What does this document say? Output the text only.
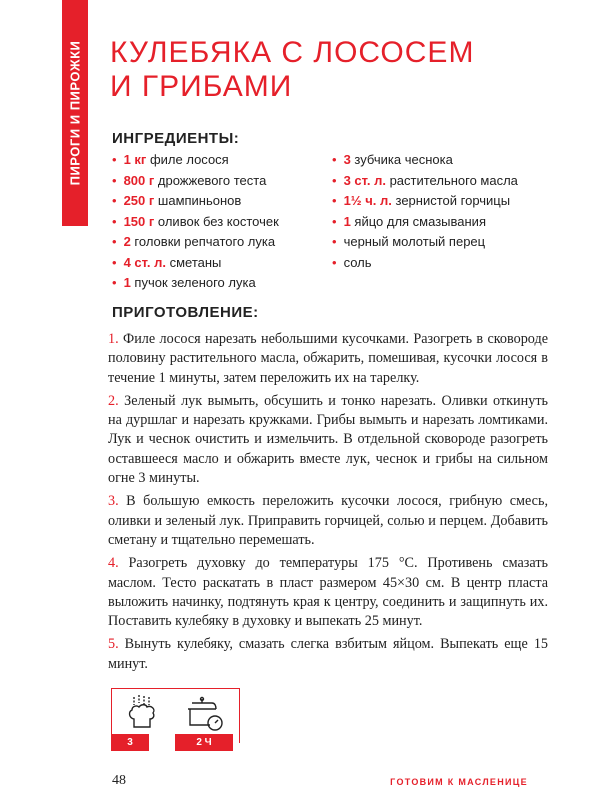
ПИРОГИ И ПИРОЖКИ КУЛЕБЯКА С ЛОСОСЕМ
И ГРИБАМИ
ИНГРЕДИЕНТЫ:
• 1 кг филе лосося
• 800 г дрожжевого теста
• 250 г шампиньонов
• 150 г оливок без косточек
• 2 головки репчатого лука
• 4 ст. л. сметаны
• 1 пучок зеленого лука
• 3 зубчика чеснока
• 3 ст. л. растительного масла
• 1½ ч. л. зернистой горчицы
• 1 яйцо для смазывания
• черный молотый перец
• соль
ПРИГОТОВЛЕНИЕ:

1. Филе лосося нарезать небольшими кусочками. Разогреть в сковороде половину растительного масла, обжарить, помешивая, кусочки лосося в течение 1 минуты, затем переложить их на тарелку.

2. Зеленый лук вымыть, обсушить и тонко нарезать. Оливки откинуть на дуршлаг и нарезать кружками. Грибы вымыть и нарезать ломтиками. Лук и чеснок очистить и измельчить. В отдельной сковороде разогреть оставшееся масло и обжарить вместе лук, чеснок и грибы на сильном огне 3 минуты.

3. В большую емкость переложить кусочки лосося, грибную смесь, оливки и зеленый лук. Приправить горчицей, солью и перцем. Добавить сметану и тщательно перемешать.

4. Разогреть духовку до температуры 175 °C. Противень смазать маслом. Тесто раскатать в пласт размером 45×30 см. В центр пласта выложить начинку, подтянуть края к центру, соединить и защипнуть их. Поставить кулебяку в духовку и выпекать 25 минут.

5. Вынуть кулебяку, смазать слегка взбитым яйцом. Выпекать еще 15 минут.

3	2 Ч
48	ГОТОВИМ К МАСЛЕНИЦЕ
